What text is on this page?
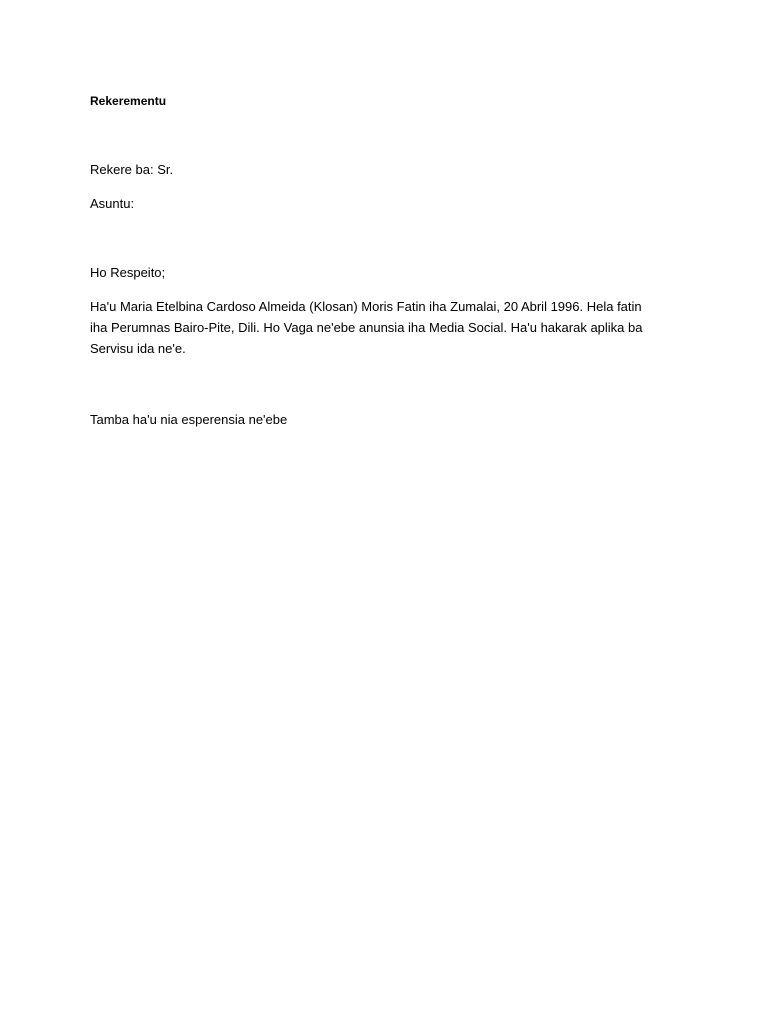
Rekerementu

Rekere ba: Sr.

Asuntu:

Ho Respeito;

Ha'u Maria Etelbina Cardoso Almeida (Klosan) Moris Fatin iha Zumalai, 20 Abril 1996. Hela fatin
iha Perumnas Bairo-Pite, Dili. Ho Vaga ne'ebe anunsia iha Media Social. Ha'u hakarak aplika ba
Servisu ida ne'e.

Tamba ha'u nia esperensia ne'ebe
